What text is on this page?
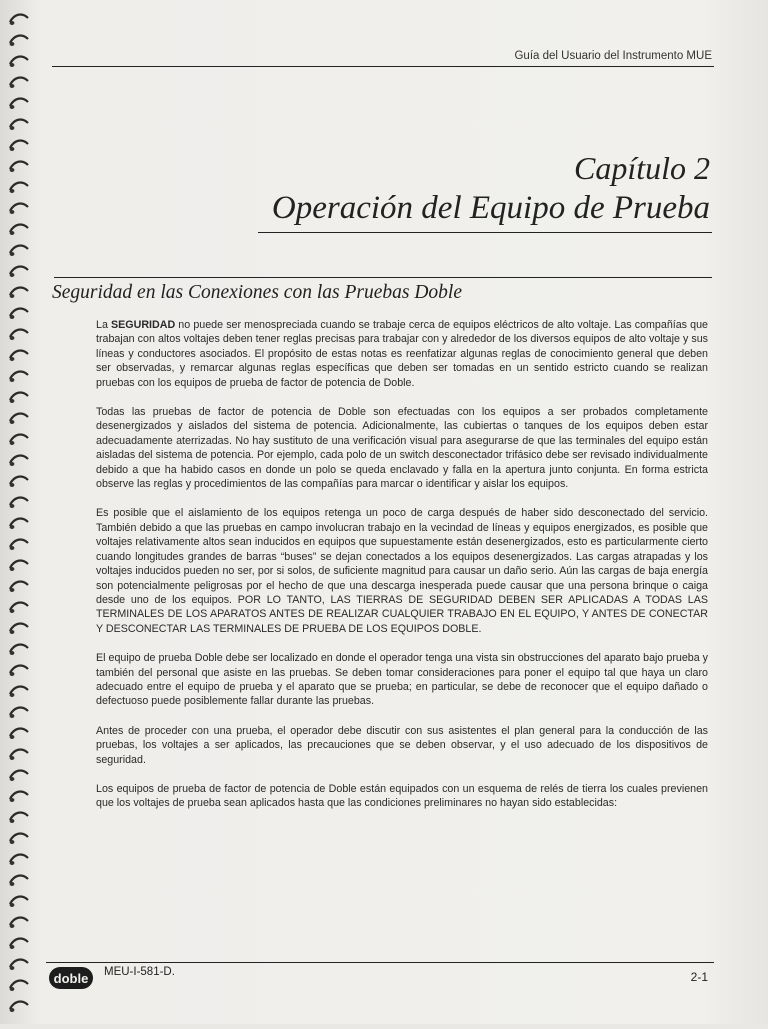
Guía del Usuario del Instrumento MUE
Capítulo 2
Operación del Equipo de Prueba
Seguridad en las Conexiones con las Pruebas Doble

La SEGURIDAD no puede ser menospreciada cuando se trabaje cerca de equipos eléctricos de alto voltaje. Las compañías que trabajan con altos voltajes deben tener reglas precisas para trabajar con y alrededor de los diversos equipos de alto voltaje y sus líneas y conductores asociados. El propósito de estas notas es reenfatizar algunas reglas de conocimiento general que deben ser observadas, y remarcar algunas reglas específicas que deben ser tomadas en un sentido estricto cuando se realizan pruebas con los equipos de prueba de factor de potencia de Doble.

Todas las pruebas de factor de potencia de Doble son efectuadas con los equipos a ser probados completamente desenergizados y aislados del sistema de potencia. Adicionalmente, las cubiertas o tanques de los equipos deben estar adecuadamente aterrizadas. No hay sustituto de una verificación visual para asegurarse de que las terminales del equipo están aisladas del sistema de potencia. Por ejemplo, cada polo de un switch desconectador trifásico debe ser revisado individualmente debido a que ha habido casos en donde un polo se queda enclavado y falla en la apertura junto conjunta. En forma estricta observe las reglas y procedimientos de las compañías para marcar o identificar y aislar los equipos.

Es posible que el aislamiento de los equipos retenga un poco de carga después de haber sido desconectado del servicio. También debido a que las pruebas en campo involucran trabajo en la vecindad de líneas y equipos energizados, es posible que voltajes relativamente altos sean inducidos en equipos que supuestamente están desenergizados, esto es particularmente cierto cuando longitudes grandes de barras “buses” se dejan conectados a los equipos desenergizados. Las cargas atrapadas y los voltajes inducidos pueden no ser, por si solos, de suficiente magnitud para causar un daño serio. Aún las cargas de baja energía son potencialmente peligrosas por el hecho de que una descarga inesperada puede causar que una persona brinque o caiga desde uno de los equipos. POR LO TANTO, LAS TIERRAS DE SEGURIDAD DEBEN SER APLICADAS A TODAS LAS TERMINALES DE LOS APARATOS ANTES DE REALIZAR CUALQUIER TRABAJO EN EL EQUIPO, Y ANTES DE CONECTAR Y DESCONECTAR LAS TERMINALES DE PRUEBA DE LOS EQUIPOS DOBLE.

El equipo de prueba Doble debe ser localizado en donde el operador tenga una vista sin obstrucciones del aparato bajo prueba y también del personal que asiste en las pruebas. Se deben tomar consideraciones para poner el equipo tal que haya un claro adecuado entre el equipo de prueba y el aparato que se prueba; en particular, se debe de reconocer que el equipo dañado o defectuoso puede posiblemente fallar durante las pruebas.

Antes de proceder con una prueba, el operador debe discutir con sus asistentes el plan general para la conducción de las pruebas, los voltajes a ser aplicados, las precauciones que se deben observar, y el uso adecuado de los dispositivos de seguridad.

Los equipos de prueba de factor de potencia de Doble están equipados con un esquema de relés de tierra los cuales previenen que los voltajes de prueba sean aplicados hasta que las condiciones preliminares no hayan sido establecidas:

doble MEU-I-581-D.	2-1
